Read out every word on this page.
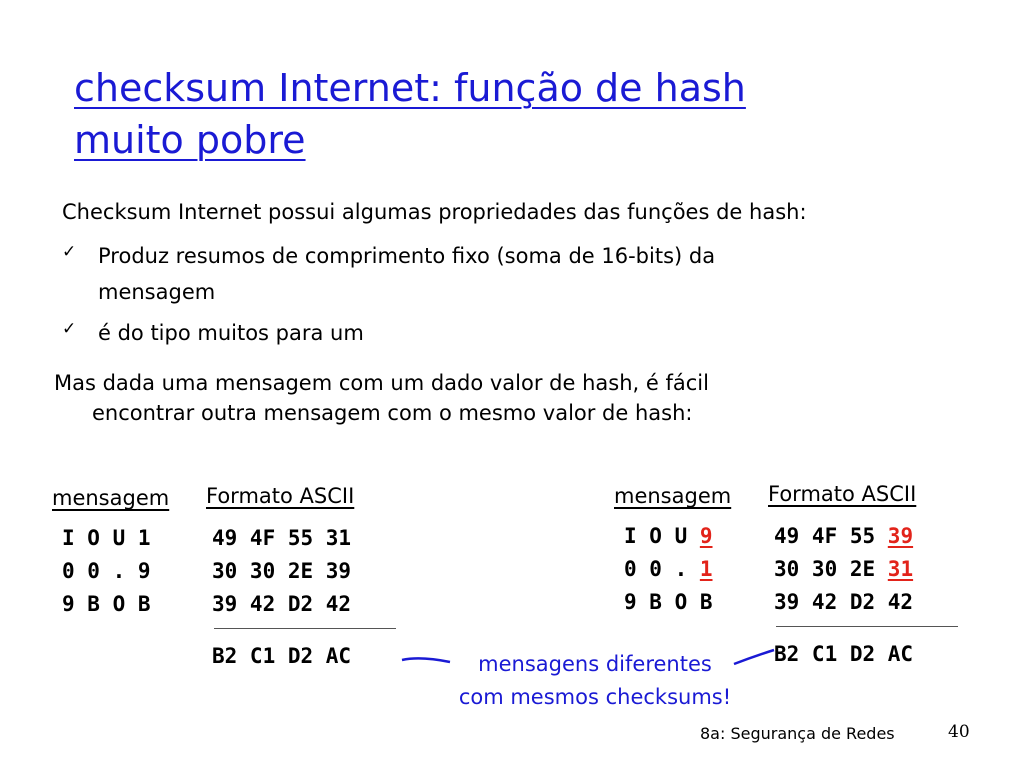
checksum Internet: função de hash
muito pobre
Checksum Internet possui algumas propriedades das funções de hash:
✓ Produz resumos de comprimento fixo (soma de 16-bits) da
mensagem
✓ é do tipo muitos para um
Mas dada uma mensagem com um dado valor de hash, é fácil
encontrar outra mensagem com o mesmo valor de hash:
mensagem Formato ASCII
I O U 1
0 0 . 9
9 B O B
49 4F 55 31
30 30 2E 39
39 42 D2 42
B2 C1 D2 AC
mensagem Formato ASCII
I O U 9
0 0 . 1
9 B O B
49 4F 55 39
30 30 2E 31
39 42 D2 42
B2 C1 D2 AC
mensagens diferentes
com mesmos checksums!
8a: Segurança de Redes	40
